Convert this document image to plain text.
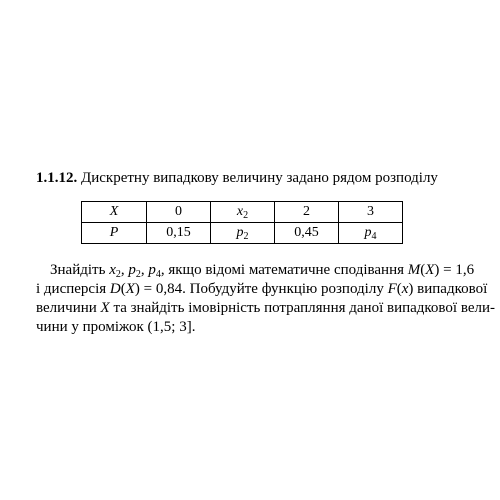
1.1.12. Дискретну випадкову величину задано рядом розподілу
X	0	$x_2$	2	3
P	0,15	$p_2$	0,45	$p_4$
Знайдіть $x_2$, $p_2$, $p_4$, якщо відомі математичне сподівання M(X) = 1,6
і дисперсія D(X) = 0,84. Побудуйте функцію розподілу F(x) випадкової
величини X та знайдіть імовірність потрапляння даної випадкової вели-
чини у проміжок (1,5; 3].
